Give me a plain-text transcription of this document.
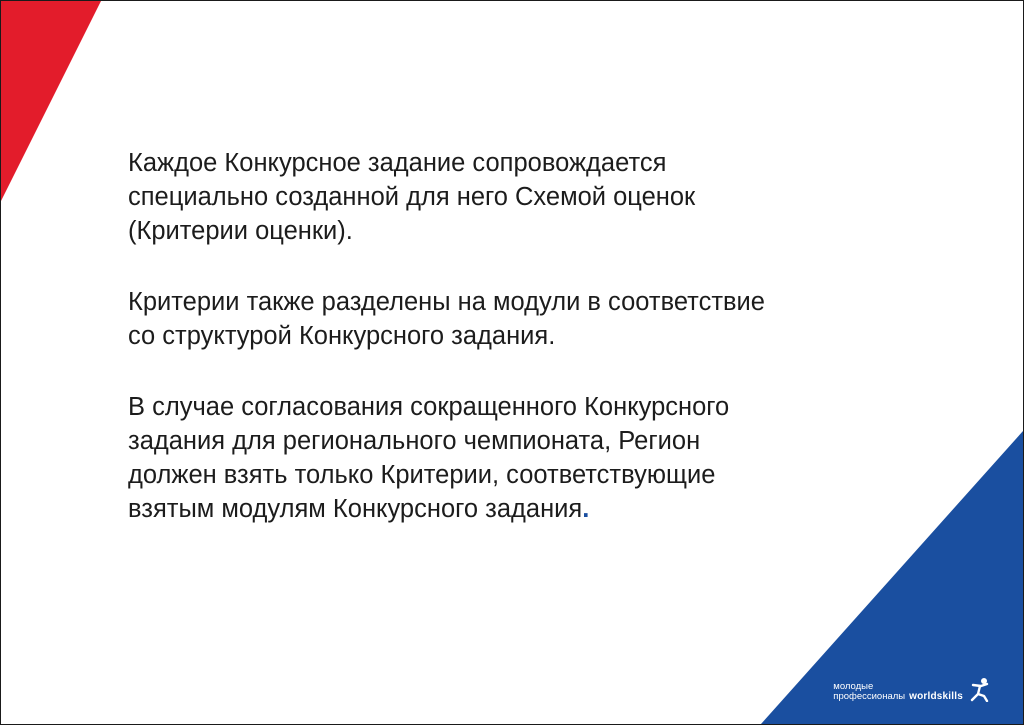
Каждое Конкурсное задание сопровождается
специально созданной для него Схемой оценок
(Критерии оценки).

Критерии также разделены на модули в соответствие
со структурой Конкурсного задания.

В случае согласования сокращенного Конкурсного
задания для регионального чемпионата, Регион
должен взять только Критерии, соответствующие
взятым модулям Конкурсного задания.

молодые
профессионалы worldskills
